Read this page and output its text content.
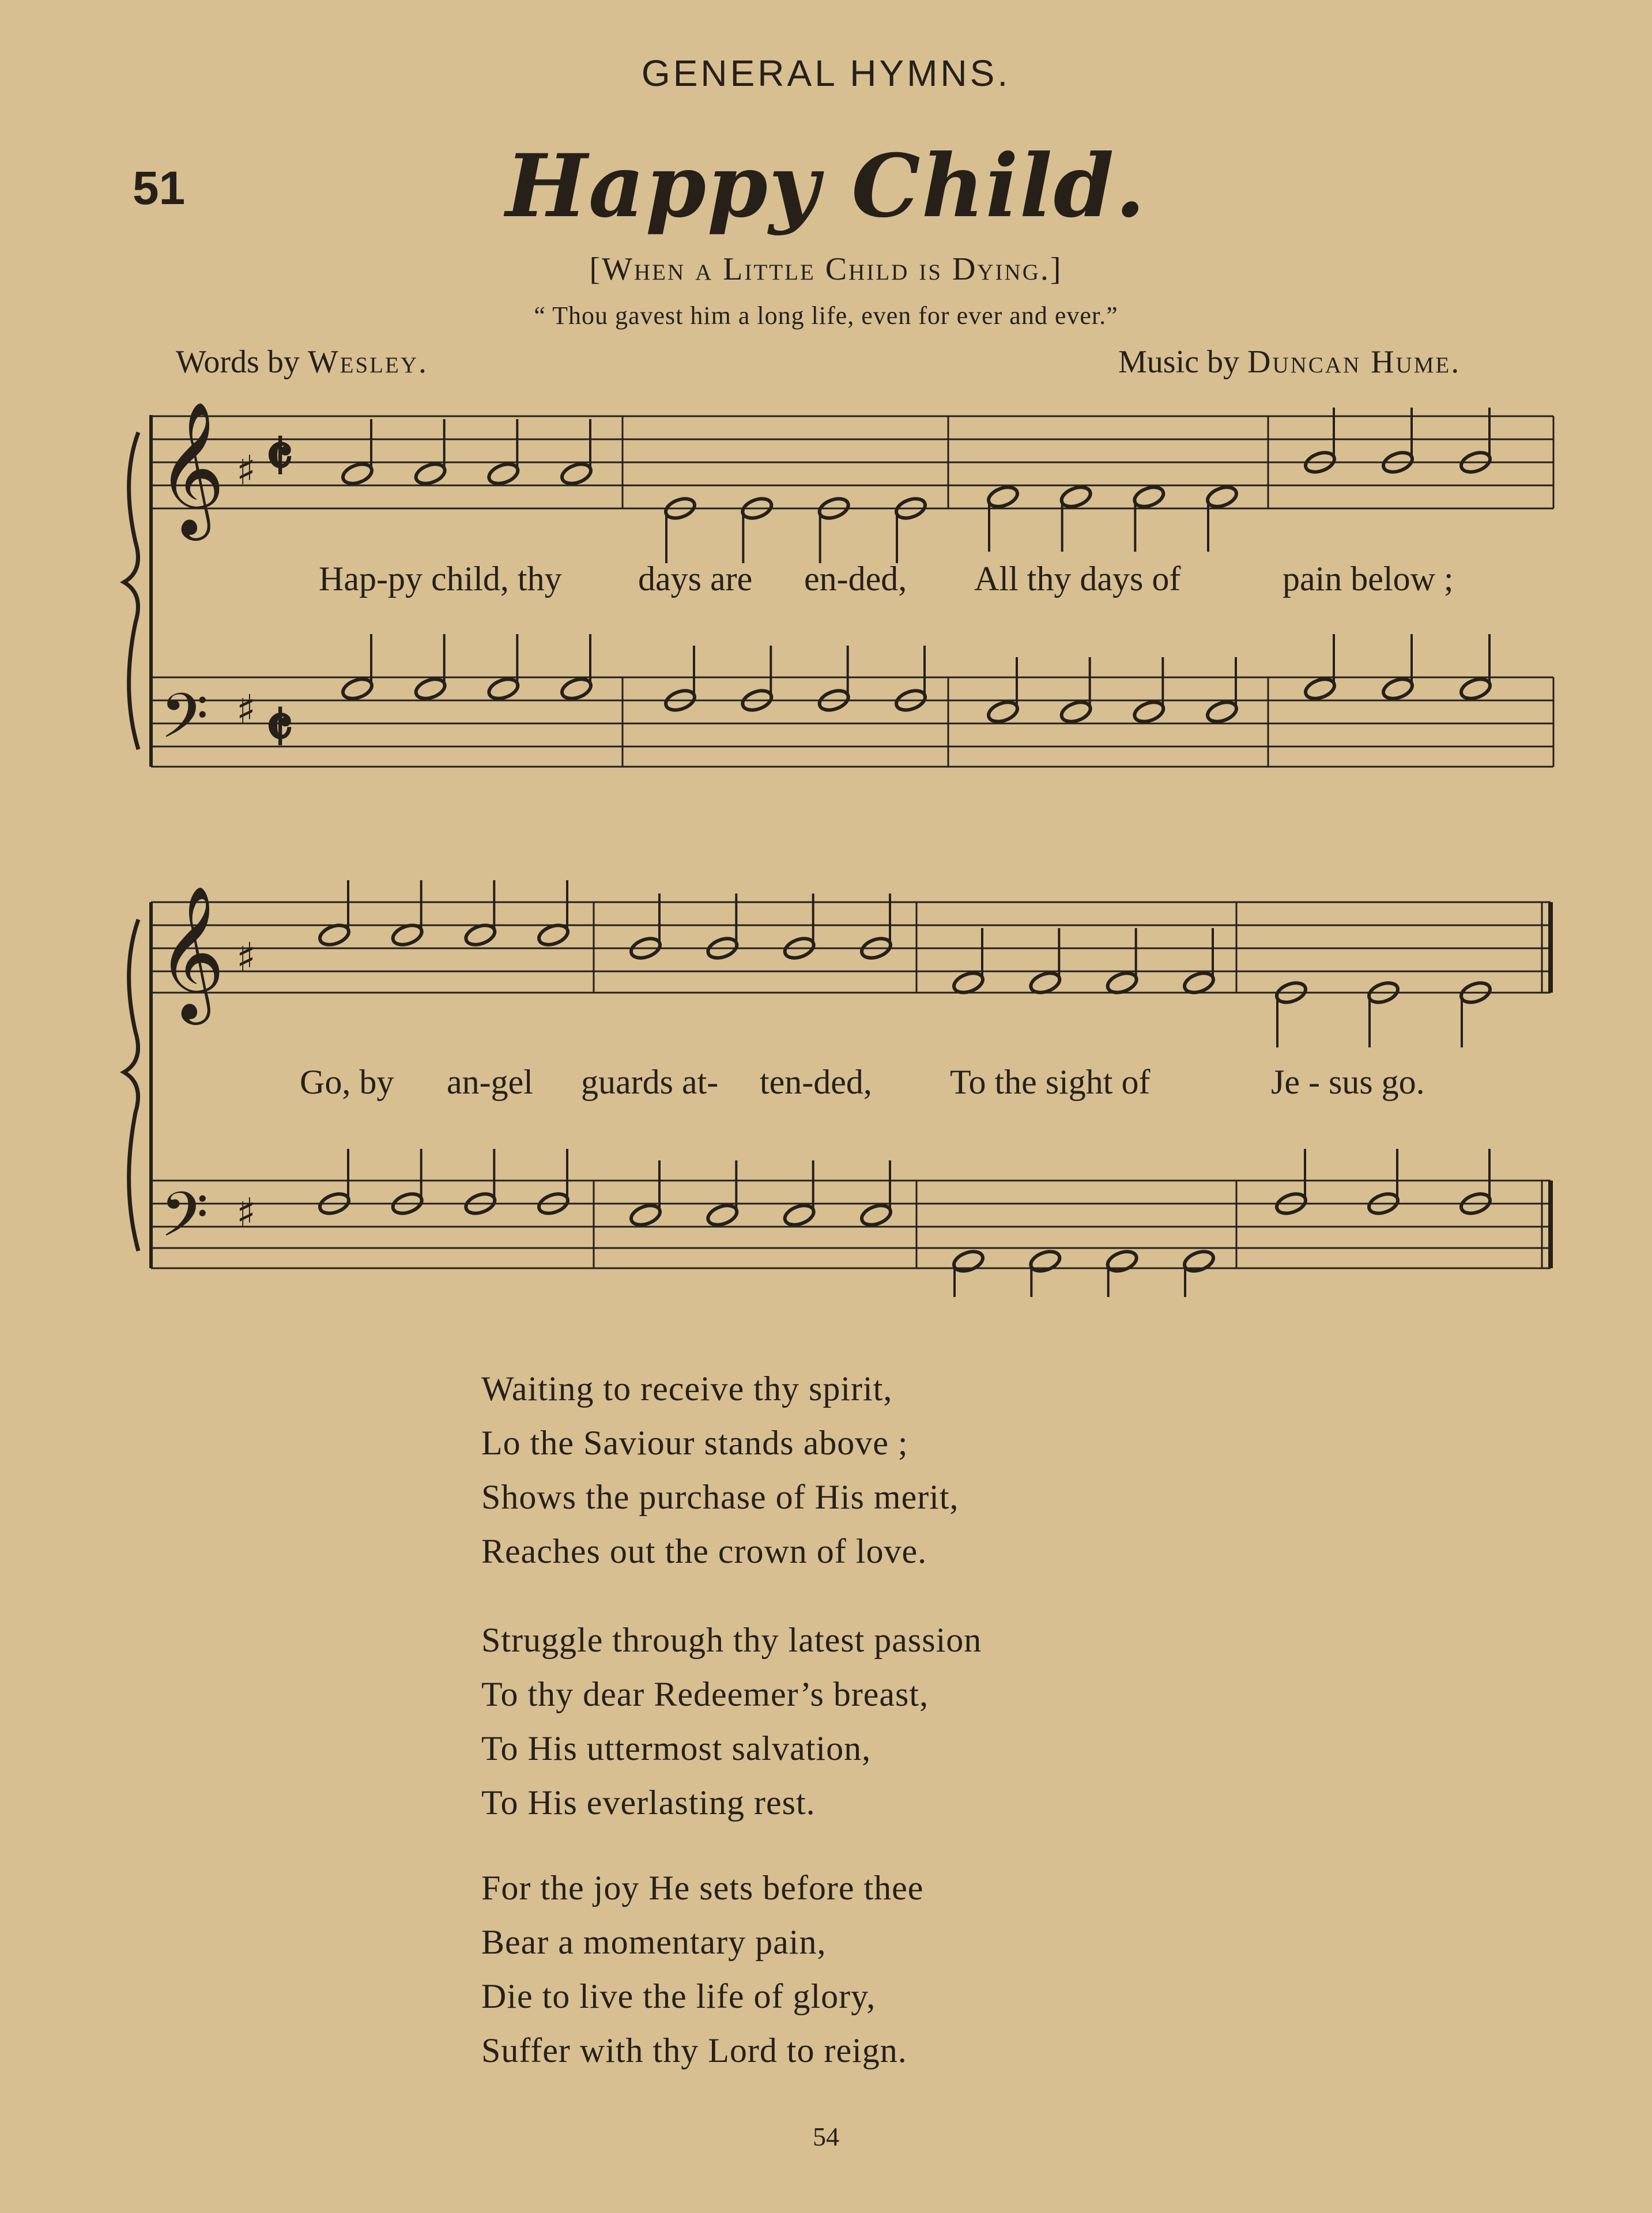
GENERAL HYMNS.
51	Happy Child.
[When a Little Child is Dying.]
“ Thou gavest him a long life, even for ever and ever.”
Words by Wesley.	Music by Duncan Hume.
𝄞
𝄢
𝄞
𝄢
♯
♯
♯
♯
𝄵
𝄵
Hap-py child, thy days are en-ded, All thy days of	pain below ;
Go, by an-gel guards at- ten-ded, To the sight of	Je - sus go.
Waiting to receive thy spirit,
Lo the Saviour stands above ;
Shows the purchase of His merit,
Reaches out the crown of love.
Struggle through thy latest passion
To thy dear Redeemer’s breast,
To His uttermost salvation,
To His everlasting rest.
For the joy He sets before thee
Bear a momentary pain,
Die to live the life of glory,
Suffer with thy Lord to reign.
54
